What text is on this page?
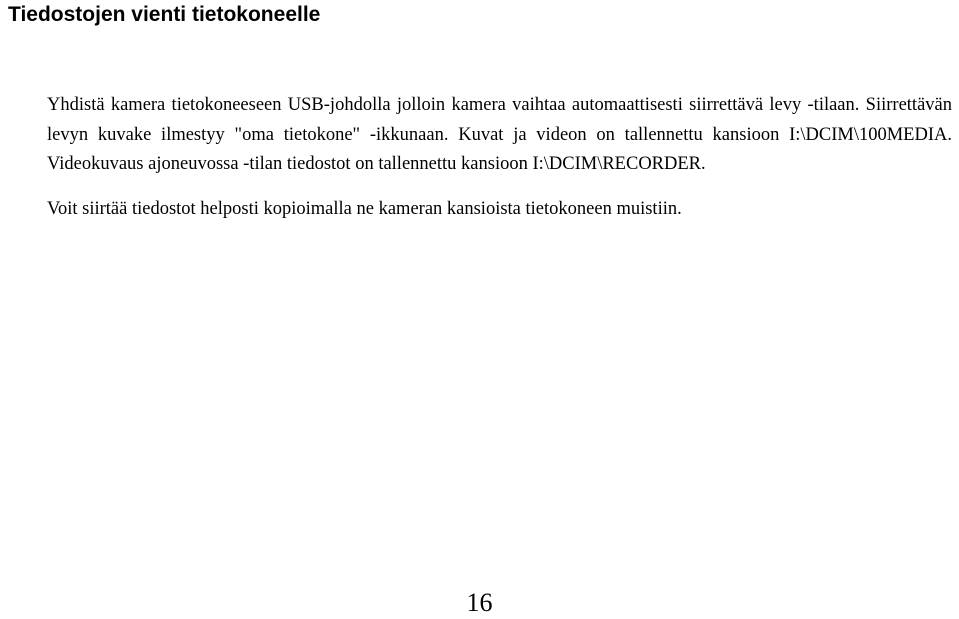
Tiedostojen vienti tietokoneelle

Yhdistä kamera tietokoneeseen USB-johdolla jolloin kamera vaihtaa automaattisesti siirrettävä levy -tilaan. Siirrettävän levyn kuvake ilmestyy "oma tietokone" -ikkunaan. Kuvat ja videon on tallennettu kansioon I:\DCIM\100MEDIA. Videokuvaus ajoneuvossa -tilan tiedostot on tallennettu kansioon I:\DCIM\RECORDER.

Voit siirtää tiedostot helposti kopioimalla ne kameran kansioista tietokoneen muistiin.

16
